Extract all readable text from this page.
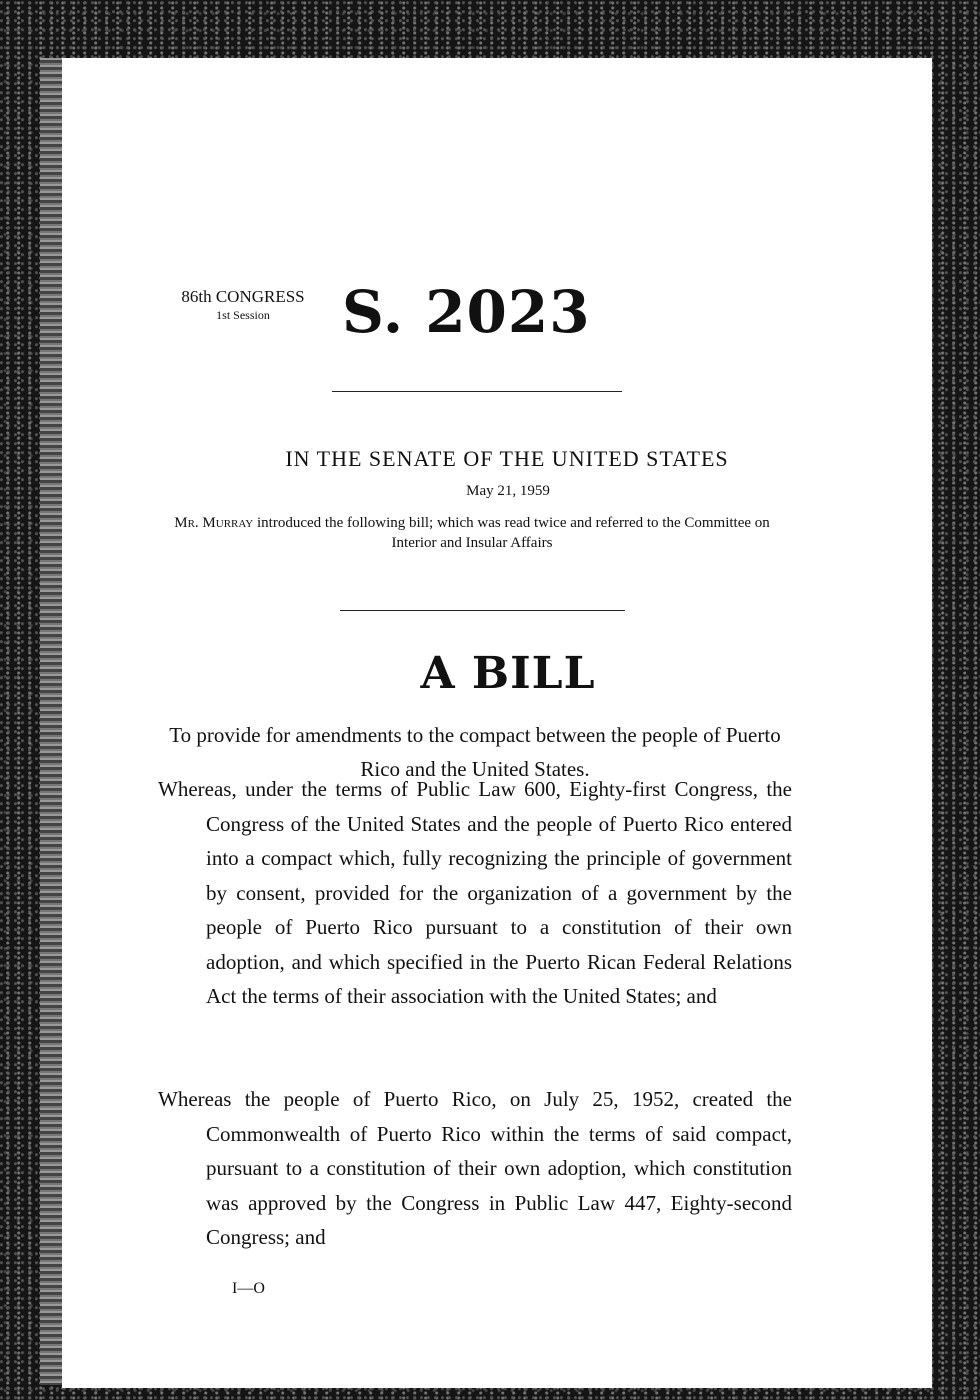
86th CONGRESS
1st Session	S. 2023
IN THE SENATE OF THE UNITED STATES
May 21, 1959
Mr. Murray introduced the following bill; which was read twice and referred to the Committee on Interior and Insular Affairs
A BILL
To provide for amendments to the compact between the people of Puerto Rico and the United States.
Whereas, under the terms of Public Law 600, Eighty-first Congress, the Congress of the United States and the people of Puerto Rico entered into a compact which, fully recognizing the principle of government by consent, provided for the organization of a government by the people of Puerto Rico pursuant to a constitution of their own adoption, and which specified in the Puerto Rican Federal Relations Act the terms of their association with the United States; and
Whereas the people of Puerto Rico, on July 25, 1952, created the Commonwealth of Puerto Rico within the terms of said compact, pursuant to a constitution of their own adoption, which constitution was approved by the Congress in Public Law 447, Eighty-second Congress; and
I—O
